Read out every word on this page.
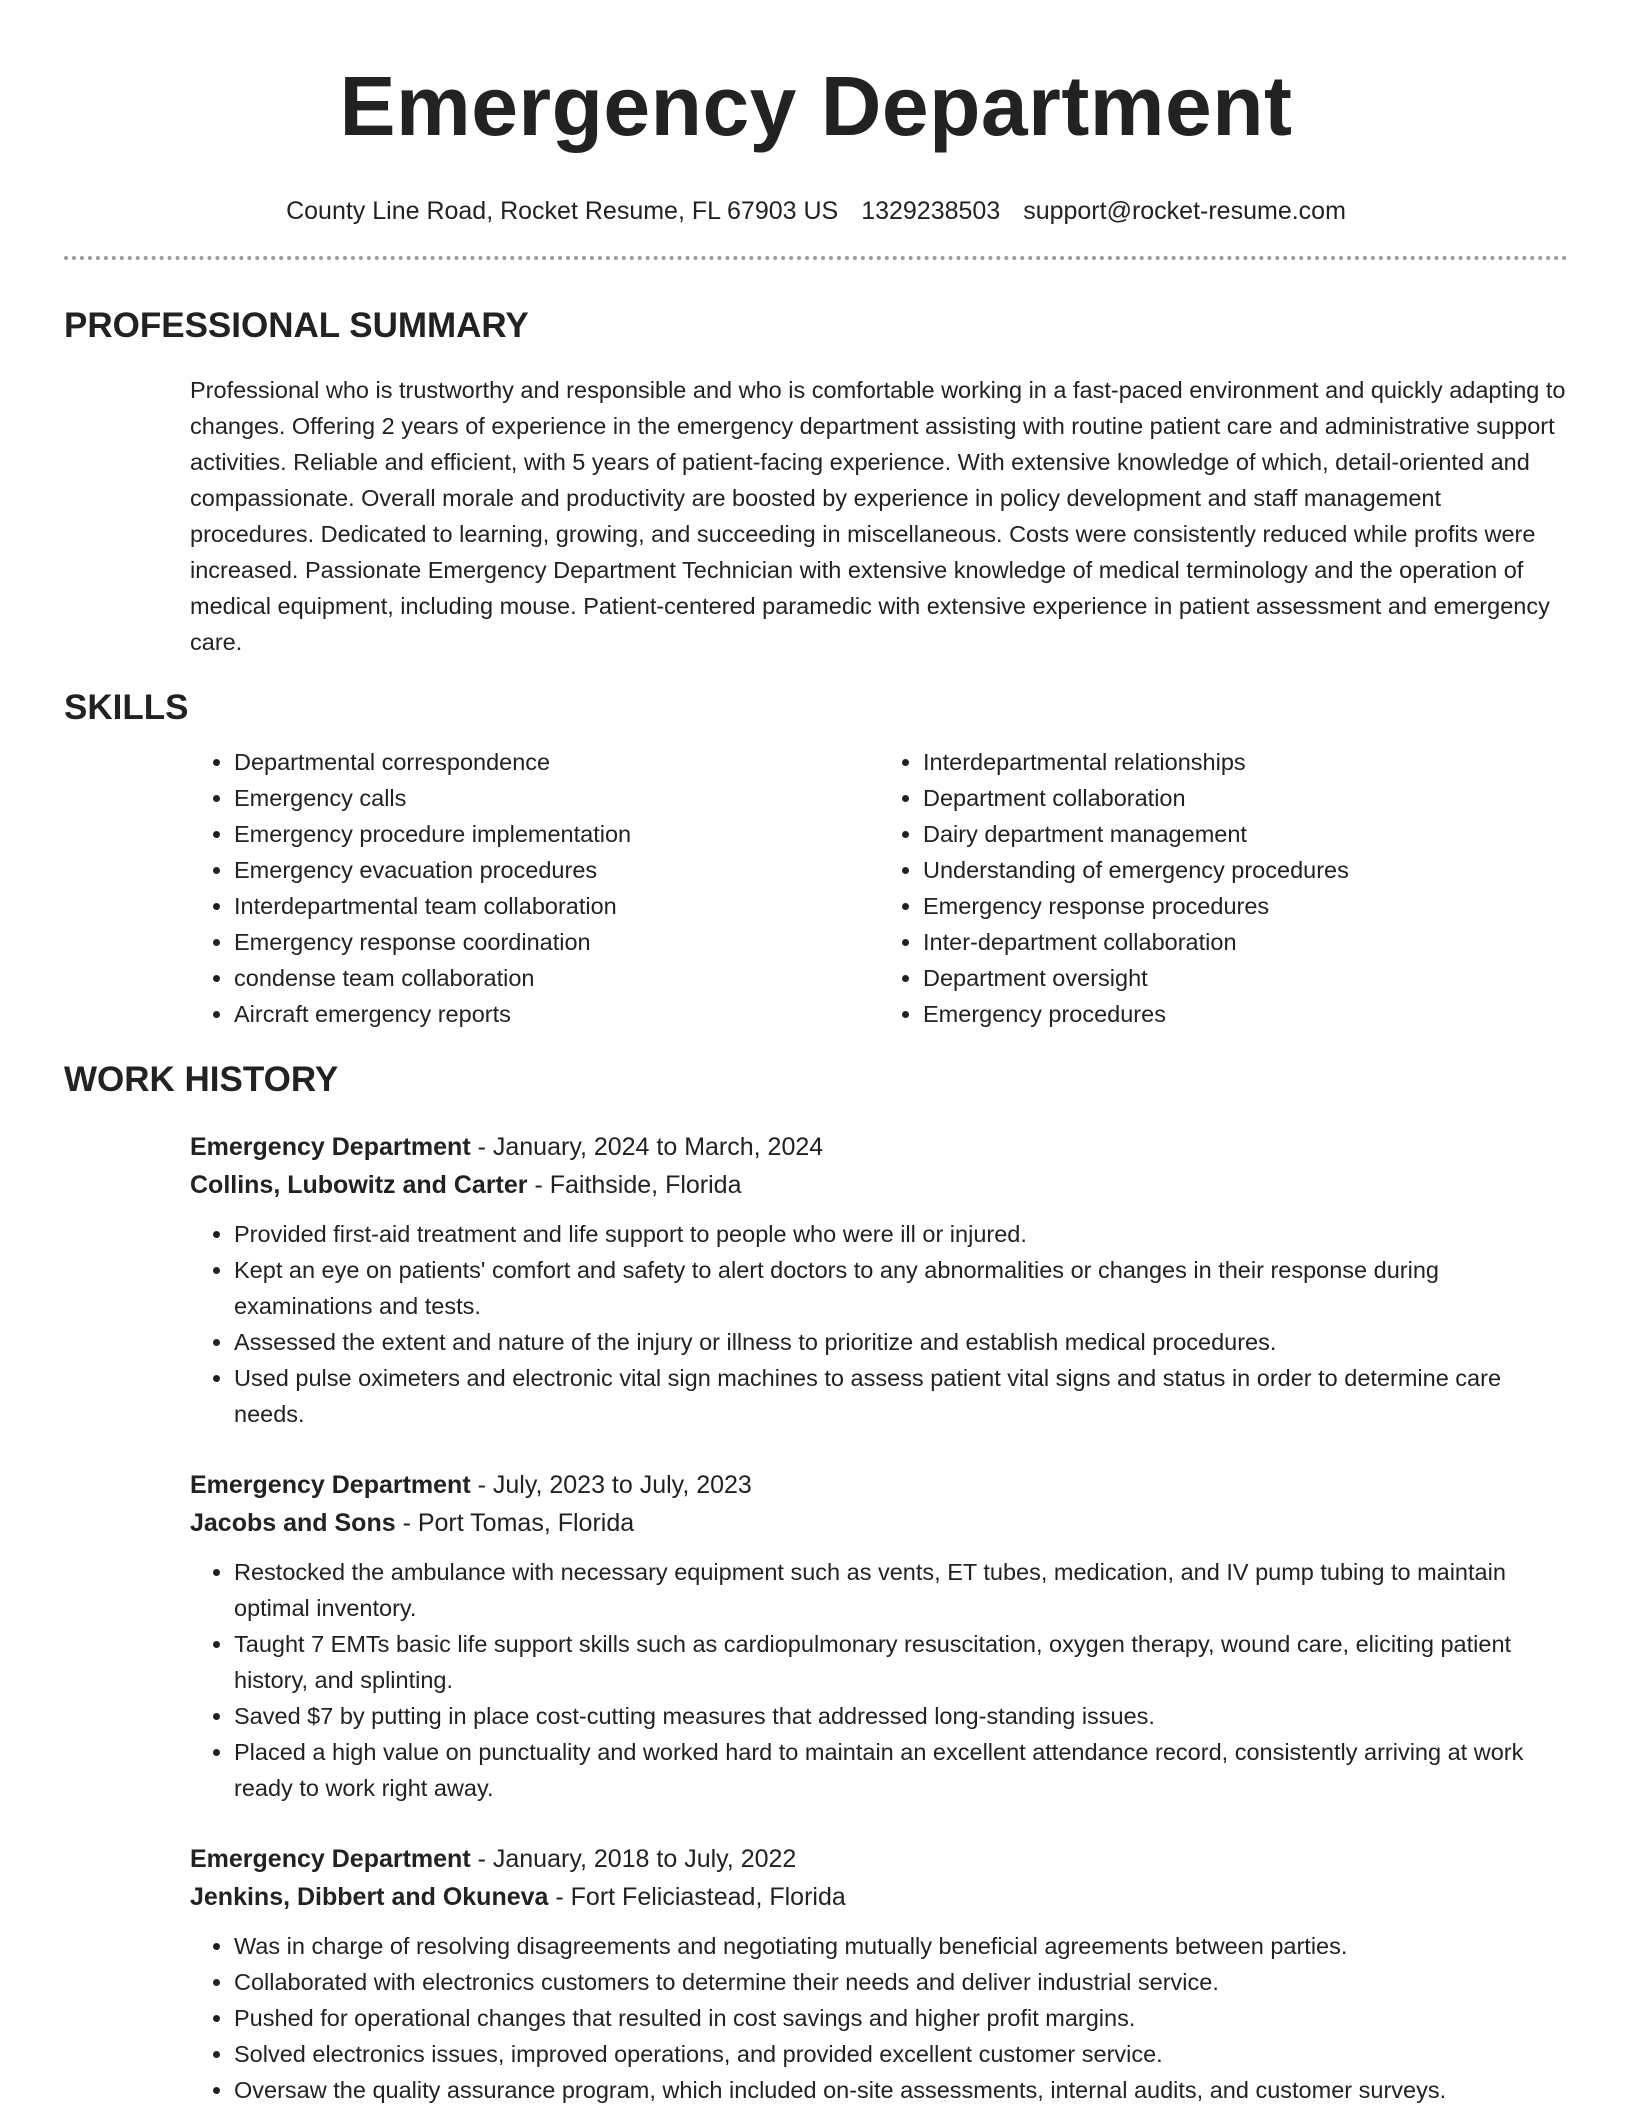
Emergency Department
County Line Road, Rocket Resume, FL 67903 US 1329238503 support@rocket-resume.com
PROFESSIONAL SUMMARY

Professional who is trustworthy and responsible and who is comfortable working in a fast-paced environment and quickly adapting to changes. Offering 2 years of experience in the emergency department assisting with routine patient care and administrative support activities. Reliable and efficient, with 5 years of patient-facing experience. With extensive knowledge of which, detail-oriented and compassionate. Overall morale and productivity are boosted by experience in policy development and staff management procedures. Dedicated to learning, growing, and succeeding in miscellaneous. Costs were consistently reduced while profits were increased. Passionate Emergency Department Technician with extensive knowledge of medical terminology and the operation of medical equipment, including mouse. Patient-centered paramedic with extensive experience in patient assessment and emergency care.

SKILLS
• Departmental correspondence
• Emergency calls
• Emergency procedure implementation
• Emergency evacuation procedures
• Interdepartmental team collaboration
• Emergency response coordination
• condense team collaboration
• Aircraft emergency reports
• Interdepartmental relationships
• Department collaboration
• Dairy department management
• Understanding of emergency procedures
• Emergency response procedures
• Inter-department collaboration
• Department oversight
• Emergency procedures
WORK HISTORY
Emergency Department - January, 2024 to March, 2024
Collins, Lubowitz and Carter - Faithside, Florida
• Provided first-aid treatment and life support to people who were ill or injured.
• Kept an eye on patients' comfort and safety to alert doctors to any abnormalities or changes in their response during examinations and tests.
• Assessed the extent and nature of the injury or illness to prioritize and establish medical procedures.
• Used pulse oximeters and electronic vital sign machines to assess patient vital signs and status in order to determine care needs.
Emergency Department - July, 2023 to July, 2023
Jacobs and Sons - Port Tomas, Florida
• Restocked the ambulance with necessary equipment such as vents, ET tubes, medication, and IV pump tubing to maintain optimal inventory.
• Taught 7 EMTs basic life support skills such as cardiopulmonary resuscitation, oxygen therapy, wound care, eliciting patient history, and splinting.
• Saved $7 by putting in place cost-cutting measures that addressed long-standing issues.
• Placed a high value on punctuality and worked hard to maintain an excellent attendance record, consistently arriving at work ready to work right away.
Emergency Department - January, 2018 to July, 2022
Jenkins, Dibbert and Okuneva - Fort Feliciastead, Florida
• Was in charge of resolving disagreements and negotiating mutually beneficial agreements between parties.
• Collaborated with electronics customers to determine their needs and deliver industrial service.
• Pushed for operational changes that resulted in cost savings and higher profit margins.
• Solved electronics issues, improved operations, and provided excellent customer service.
• Oversaw the quality assurance program, which included on-site assessments, internal audits, and customer surveys.
